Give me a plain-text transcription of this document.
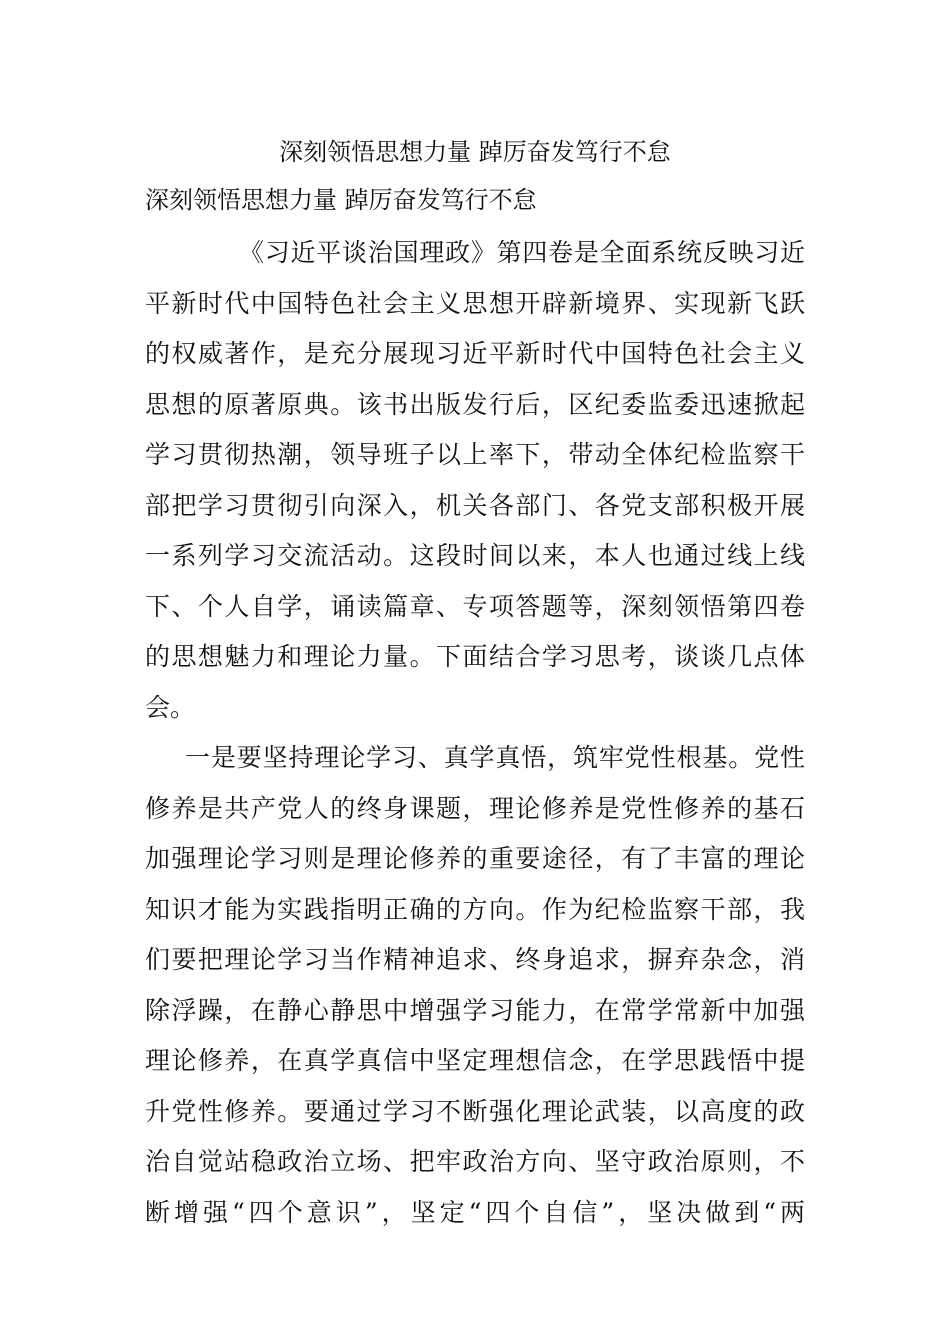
深刻领悟思想力量 踔厉奋发笃行不怠
深刻领悟思想力量 踔厉奋发笃行不怠
《习近平谈治国理政》第四卷是全面系统反映习近
平新时代中国特色社会主义思想开辟新境界、实现新飞跃
的权威著作，是充分展现习近平新时代中国特色社会主义
思想的原著原典。该书出版发行后，区纪委监委迅速掀起
学习贯彻热潮，领导班子以上率下，带动全体纪检监察干
部把学习贯彻引向深入，机关各部门、各党支部积极开展
一系列学习交流活动。这段时间以来，本人也通过线上线
下、个人自学，诵读篇章、专项答题等，深刻领悟第四卷
的思想魅力和理论力量。下面结合学习思考，谈谈几点体
会。
一是要坚持理论学习、真学真悟，筑牢党性根基。党性
修养是共产党人的终身课题，理论修养是党性修养的基石
加强理论学习则是理论修养的重要途径，有了丰富的理论
知识才能为实践指明正确的方向。作为纪检监察干部，我
们要把理论学习当作精神追求、终身追求，摒弃杂念，消
除浮躁，在静心静思中增强学习能力，在常学常新中加强
理论修养，在真学真信中坚定理想信念，在学思践悟中提
升党性修养。要通过学习不断强化理论武装，以高度的政
治自觉站稳政治立场、把牢政治方向、坚守政治原则，不
断增强“四个意识”，坚定“四个自信”，坚决做到“两
